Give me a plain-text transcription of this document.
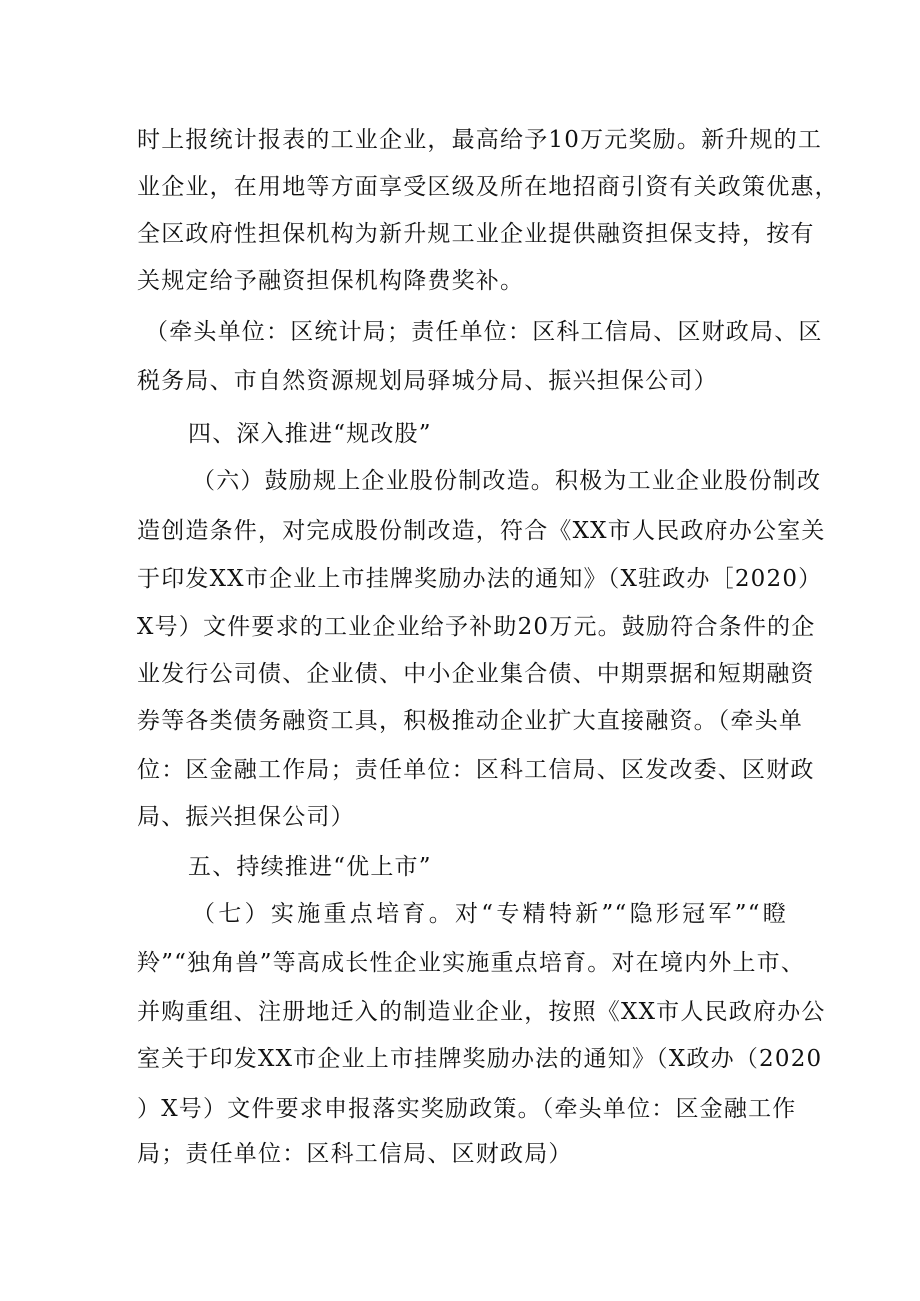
时上报统计报表的工业企业，最高给予10万元奖励。新升规的工
业企业，在用地等方面享受区级及所在地招商引资有关政策优惠，
全区政府性担保机构为新升规工业企业提供融资担保支持，按有
关规定给予融资担保机构降费奖补。
（牵头单位：区统计局；责任单位：区科工信局、区财政局、区
税务局、市自然资源规划局驿城分局、振兴担保公司）
四、深入推进“规改股”
（六）鼓励规上企业股份制改造。积极为工业企业股份制改
造创造条件，对完成股份制改造，符合《XX市人民政府办公室关
于印发XX市企业上市挂牌奖励办法的通知》（X驻政办［2020）
X号）文件要求的工业企业给予补助20万元。鼓励符合条件的企
业发行公司债、企业债、中小企业集合债、中期票据和短期融资
券等各类债务融资工具，积极推动企业扩大直接融资。（牵头单
位：区金融工作局；责任单位：区科工信局、区发改委、区财政
局、振兴担保公司）
五、持续推进“优上市”
（七）实施重点培育。对“专精特新”“隐形冠军”“瞪
羚”“独角兽”等高成长性企业实施重点培育。对在境内外上市、
并购重组、注册地迁入的制造业企业，按照《XX市人民政府办公
室关于印发XX市企业上市挂牌奖励办法的通知》（X政办（2020
）X号）文件要求申报落实奖励政策。（牵头单位：区金融工作
局；责任单位：区科工信局、区财政局）
